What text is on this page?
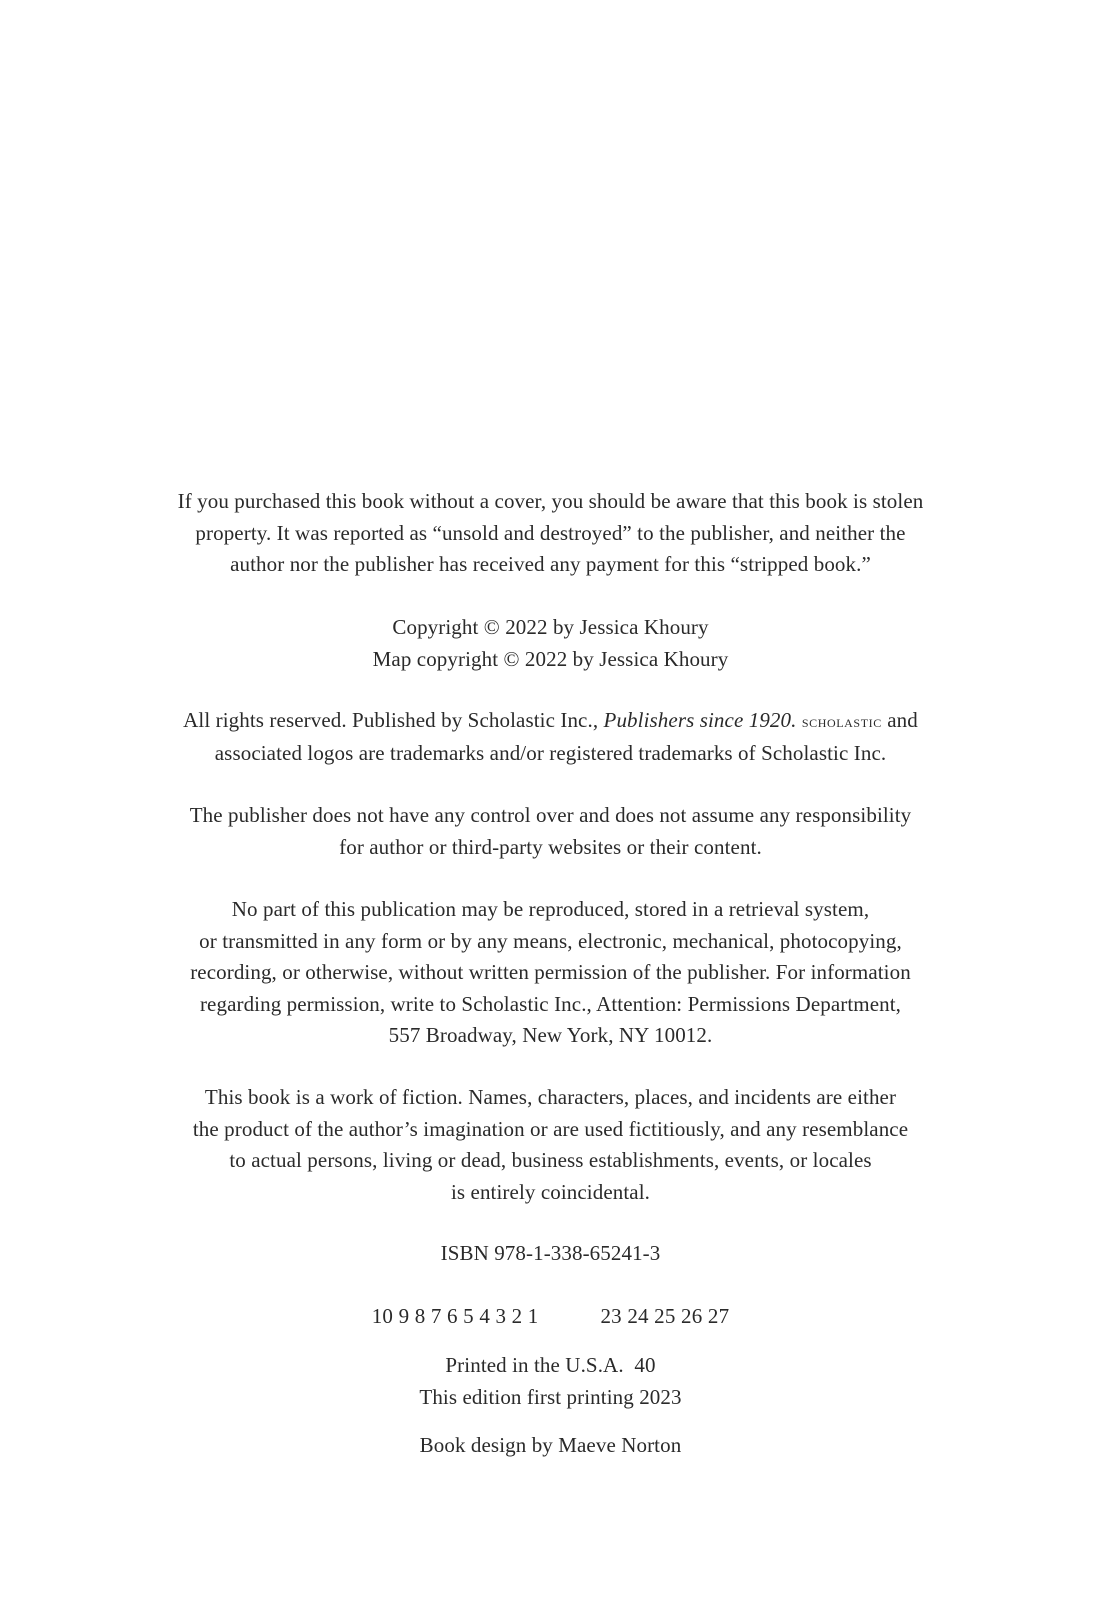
If you purchased this book without a cover, you should be aware that this book is stolen
property. It was reported as “unsold and destroyed” to the publisher, and neither the
author nor the publisher has received any payment for this “stripped book.”
Copyright © 2022 by Jessica Khoury
Map copyright © 2022 by Jessica Khoury
All rights reserved. Published by Scholastic Inc., Publishers since 1920. scholastic and
associated logos are trademarks and/or registered trademarks of Scholastic Inc.
The publisher does not have any control over and does not assume any responsibility
for author or third-party websites or their content.
No part of this publication may be reproduced, stored in a retrieval system,
or transmitted in any form or by any means, electronic, mechanical, photocopying,
recording, or otherwise, without written permission of the publisher. For information
regarding permission, write to Scholastic Inc., Attention: Permissions Department,
557 Broadway, New York, NY 10012.
This book is a work of fiction. Names, characters, places, and incidents are either
the product of the author’s imagination or are used fictitiously, and any resemblance
to actual persons, living or dead, business establishments, events, or locales
is entirely coincidental.
ISBN 978-1-338-65241-3
10 9 8 7 6 5 4 3 2 1	23 24 25 26 27
Printed in the U.S.A.  40
This edition first printing 2023
Book design by Maeve Norton
